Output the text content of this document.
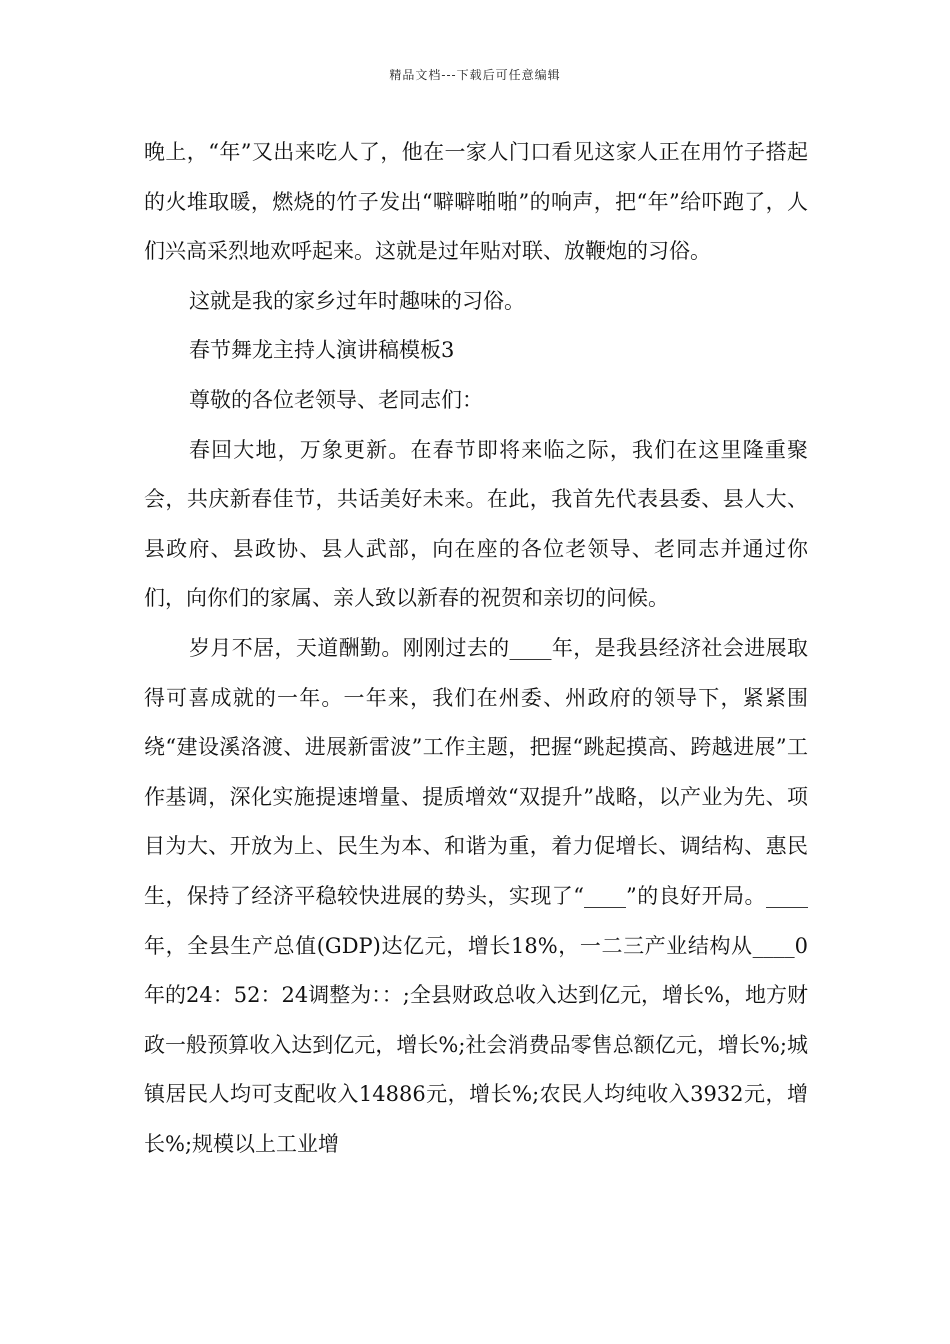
精品文档---下载后可任意编辑

晚上，“年”又出来吃人了，他在一家人门口看见这家人正在用竹子搭起的火堆取暖，燃烧的竹子发出“噼噼啪啪”的响声，把“年”给吓跑了，人们兴高采烈地欢呼起来。这就是过年贴对联、放鞭炮的习俗。

这就是我的家乡过年时趣味的习俗。

春节舞龙主持人演讲稿模板3

尊敬的各位老领导、老同志们：

春回大地，万象更新。在春节即将来临之际，我们在这里隆重聚会，共庆新春佳节，共话美好未来。在此，我首先代表县委、县人大、县政府、县政协、县人武部，向在座的各位老领导、老同志并通过你们，向你们的家属、亲人致以新春的祝贺和亲切的问候。

岁月不居，天道酬勤。刚刚过去的____年，是我县经济社会进展取得可喜成就的一年。一年来，我们在州委、州政府的领导下，紧紧围绕“建设溪洛渡、进展新雷波”工作主题，把握“跳起摸高、跨越进展”工作基调，深化实施提速增量、提质增效“双提升”战略，以产业为先、项目为大、开放为上、民生为本、和谐为重，着力促增长、调结构、惠民生，保持了经济平稳较快进展的势头，实现了“____”的良好开局。____年，全县生产总值(GDP)达亿元，增长18%，一二三产业结构从____0年的24：52：24调整为：：;全县财政总收入达到亿元，增长%，地方财政一般预算收入达到亿元，增长%;社会消费品零售总额亿元，增长%;城镇居民人均可支配收入14886元，增长%;农民人均纯收入3932元，增长%;规模以上工业增
